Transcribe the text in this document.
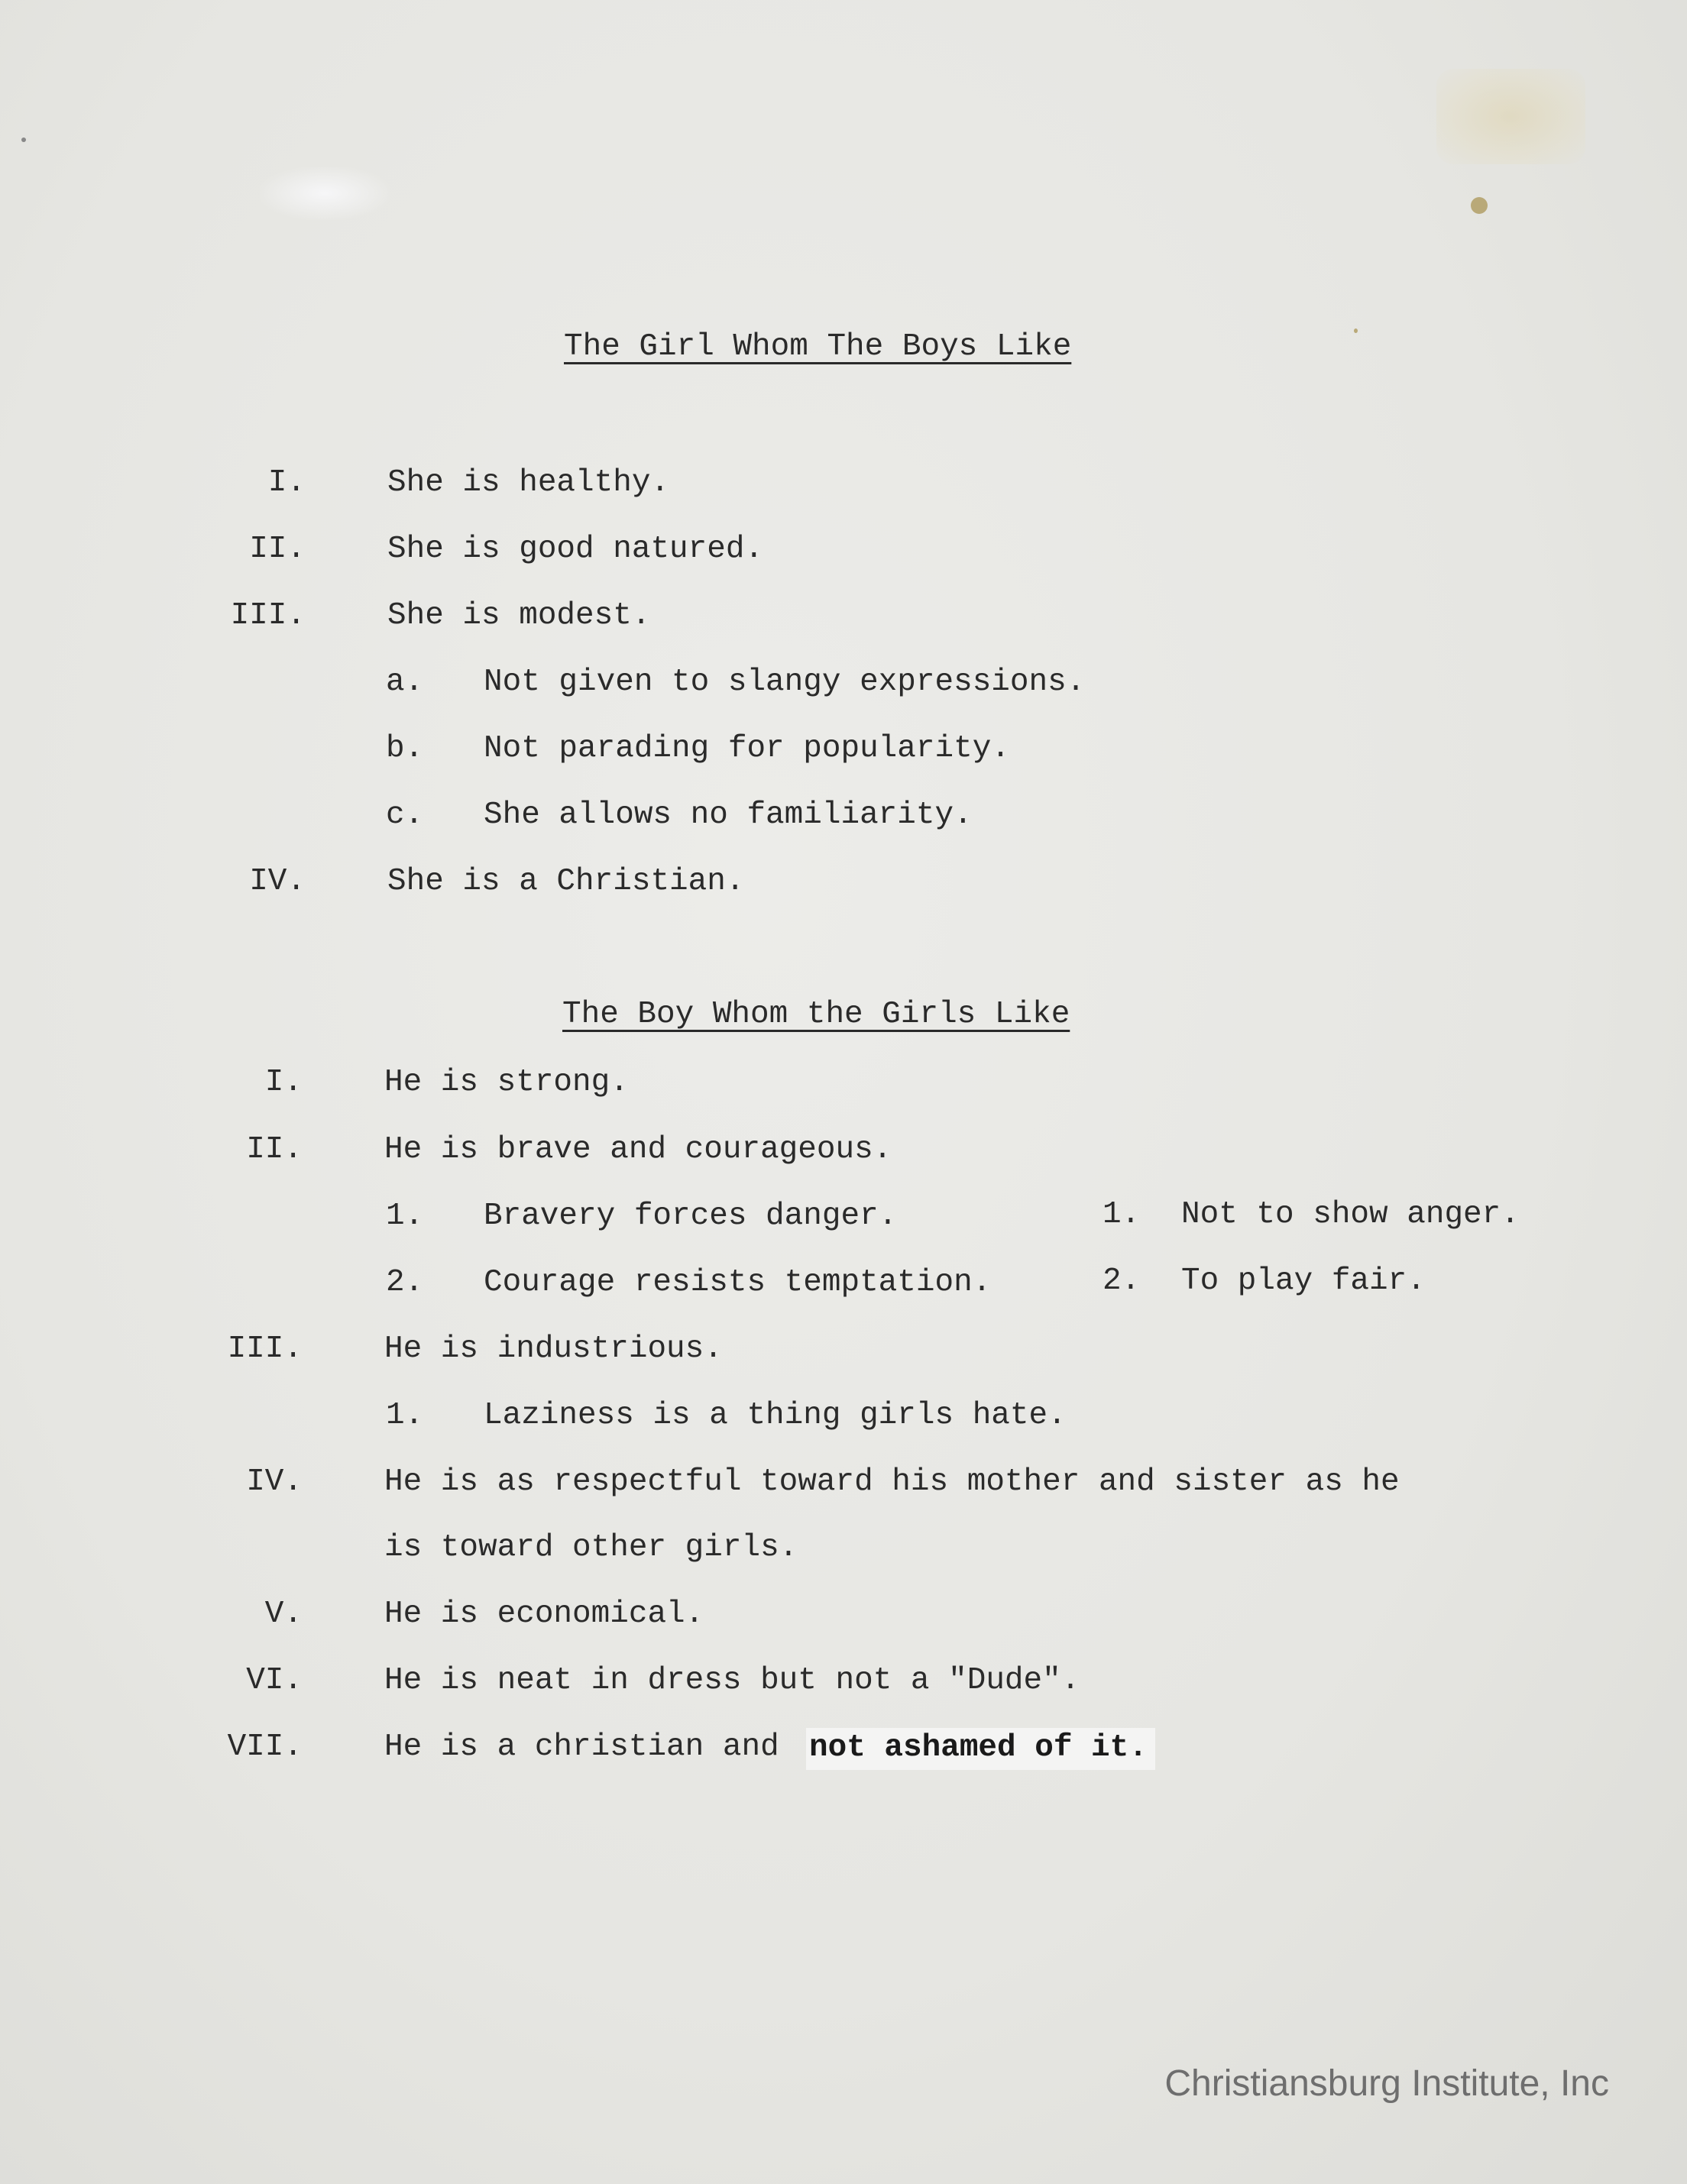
The Girl Whom The Boys Like
I.	She is healthy.
II.	She is good natured.
III.	She is modest.
a. Not given to slangy expressions.
b. Not parading for popularity.
c. She allows no familiarity.
IV.	She is a Christian.
The Boy Whom the Girls Like
I.	He is strong.
II.	He is brave and courageous.
1. Bravery forces danger.	1. Not to show anger.
2. Courage resists temptation.	2. To play fair.
III.	He is industrious.
1. Laziness is a thing girls hate.
IV.	He is as respectful toward his mother and sister as he
is toward other girls.
V.	He is economical.
VI.	He is neat in dress but not a "Dude".
VII.	He is a christian and not ashamed of it.
Christiansburg Institute, Inc
